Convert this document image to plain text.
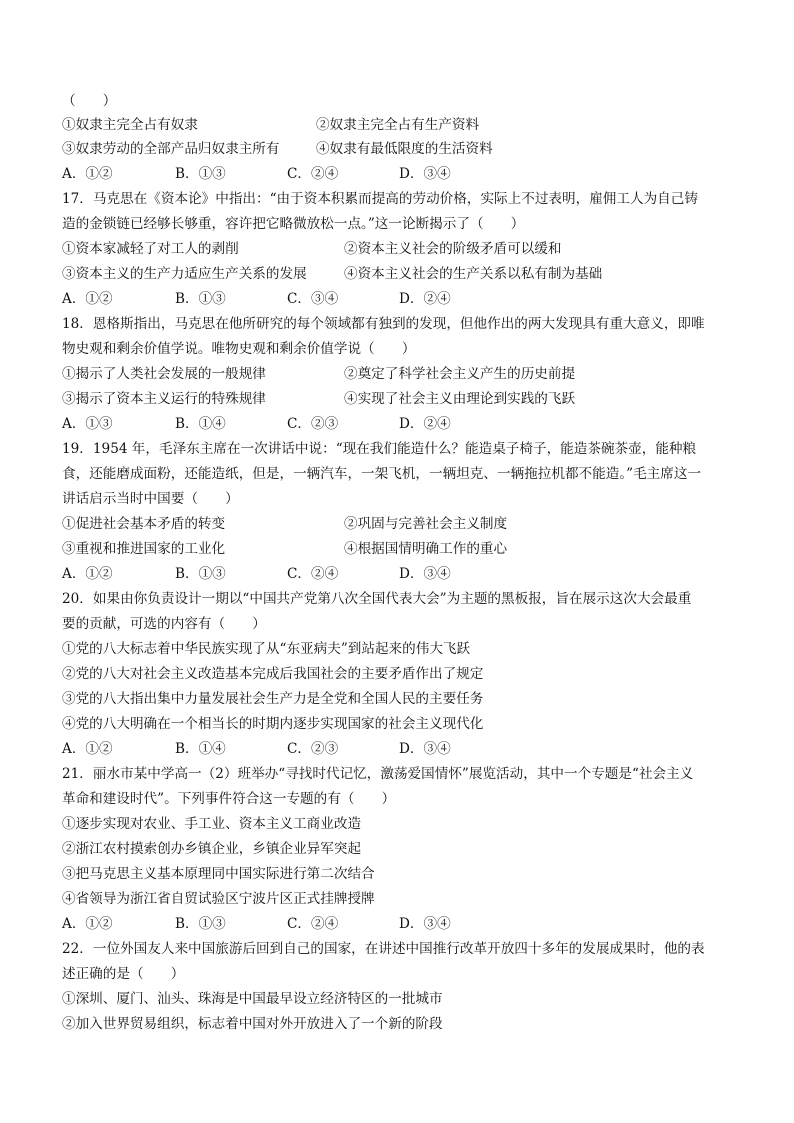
（　　）
①奴隶主完全占有奴隶	②奴隶主完全占有生产资料
③奴隶劳动的全部产品归奴隶主所有	④奴隶有最低限度的生活资料
A．①②	B．①③	C．②④	D．③④
17．马克思在《资本论》中指出：“由于资本积累而提高的劳动价格，实际上不过表明，雇佣工人为自己铸
造的金锁链已经够长够重，容许把它略微放松一点。”这一论断揭示了（　　）
①资本家减轻了对工人的剥削	②资本主义社会的阶级矛盾可以缓和
③资本主义的生产力适应生产关系的发展	④资本主义社会的生产关系以私有制为基础
A．①②	B．①③	C．③④	D．②④
18．恩格斯指出，马克思在他所研究的每个领域都有独到的发现，但他作出的两大发现具有重大意义，即唯
物史观和剩余价值学说。唯物史观和剩余价值学说（　　）
①揭示了人类社会发展的一般规律	②奠定了科学社会主义产生的历史前提
③揭示了资本主义运行的特殊规律	④实现了社会主义由理论到实践的飞跃
A．①③	B．①④	C．②③	D．②④
19．1954 年，毛泽东主席在一次讲话中说：“现在我们能造什么？能造桌子椅子，能造茶碗茶壶，能种粮
食，还能磨成面粉，还能造纸，但是，一辆汽车，一架飞机，一辆坦克、一辆拖拉机都不能造。”毛主席这一
讲话启示当时中国要（　　）
①促进社会基本矛盾的转变	②巩固与完善社会主义制度
③重视和推进国家的工业化	④根据国情明确工作的重心
A．①②	B．①③	C．②④	D．③④
20．如果由你负责设计一期以“中国共产党第八次全国代表大会”为主题的黑板报，旨在展示这次大会最重
要的贡献，可选的内容有（　　）
①党的八大标志着中华民族实现了从“东亚病夫”到站起来的伟大飞跃
②党的八大对社会主义改造基本完成后我国社会的主要矛盾作出了规定
③党的八大指出集中力量发展社会生产力是全党和全国人民的主要任务
④党的八大明确在一个相当长的时期内逐步实现国家的社会主义现代化
A．①②	B．①④	C．②③	D．③④
21．丽水市某中学高一（2）班举办“寻找时代记忆，激荡爱国情怀”展览活动，其中一个专题是“社会主义
革命和建设时代”。下列事件符合这一专题的有（　　）
①逐步实现对农业、手工业、资本主义工商业改造
②浙江农村摸索创办乡镇企业，乡镇企业异军突起
③把马克思主义基本原理同中国实际进行第二次结合
④省领导为浙江省自贸试验区宁波片区正式挂牌授牌
A．①②	B．①③	C．②④	D．③④
22．一位外国友人来中国旅游后回到自己的国家，在讲述中国推行改革开放四十多年的发展成果时，他的表
述正确的是（　　）
①深圳、厦门、汕头、珠海是中国最早设立经济特区的一批城市
②加入世界贸易组织，标志着中国对外开放进入了一个新的阶段
